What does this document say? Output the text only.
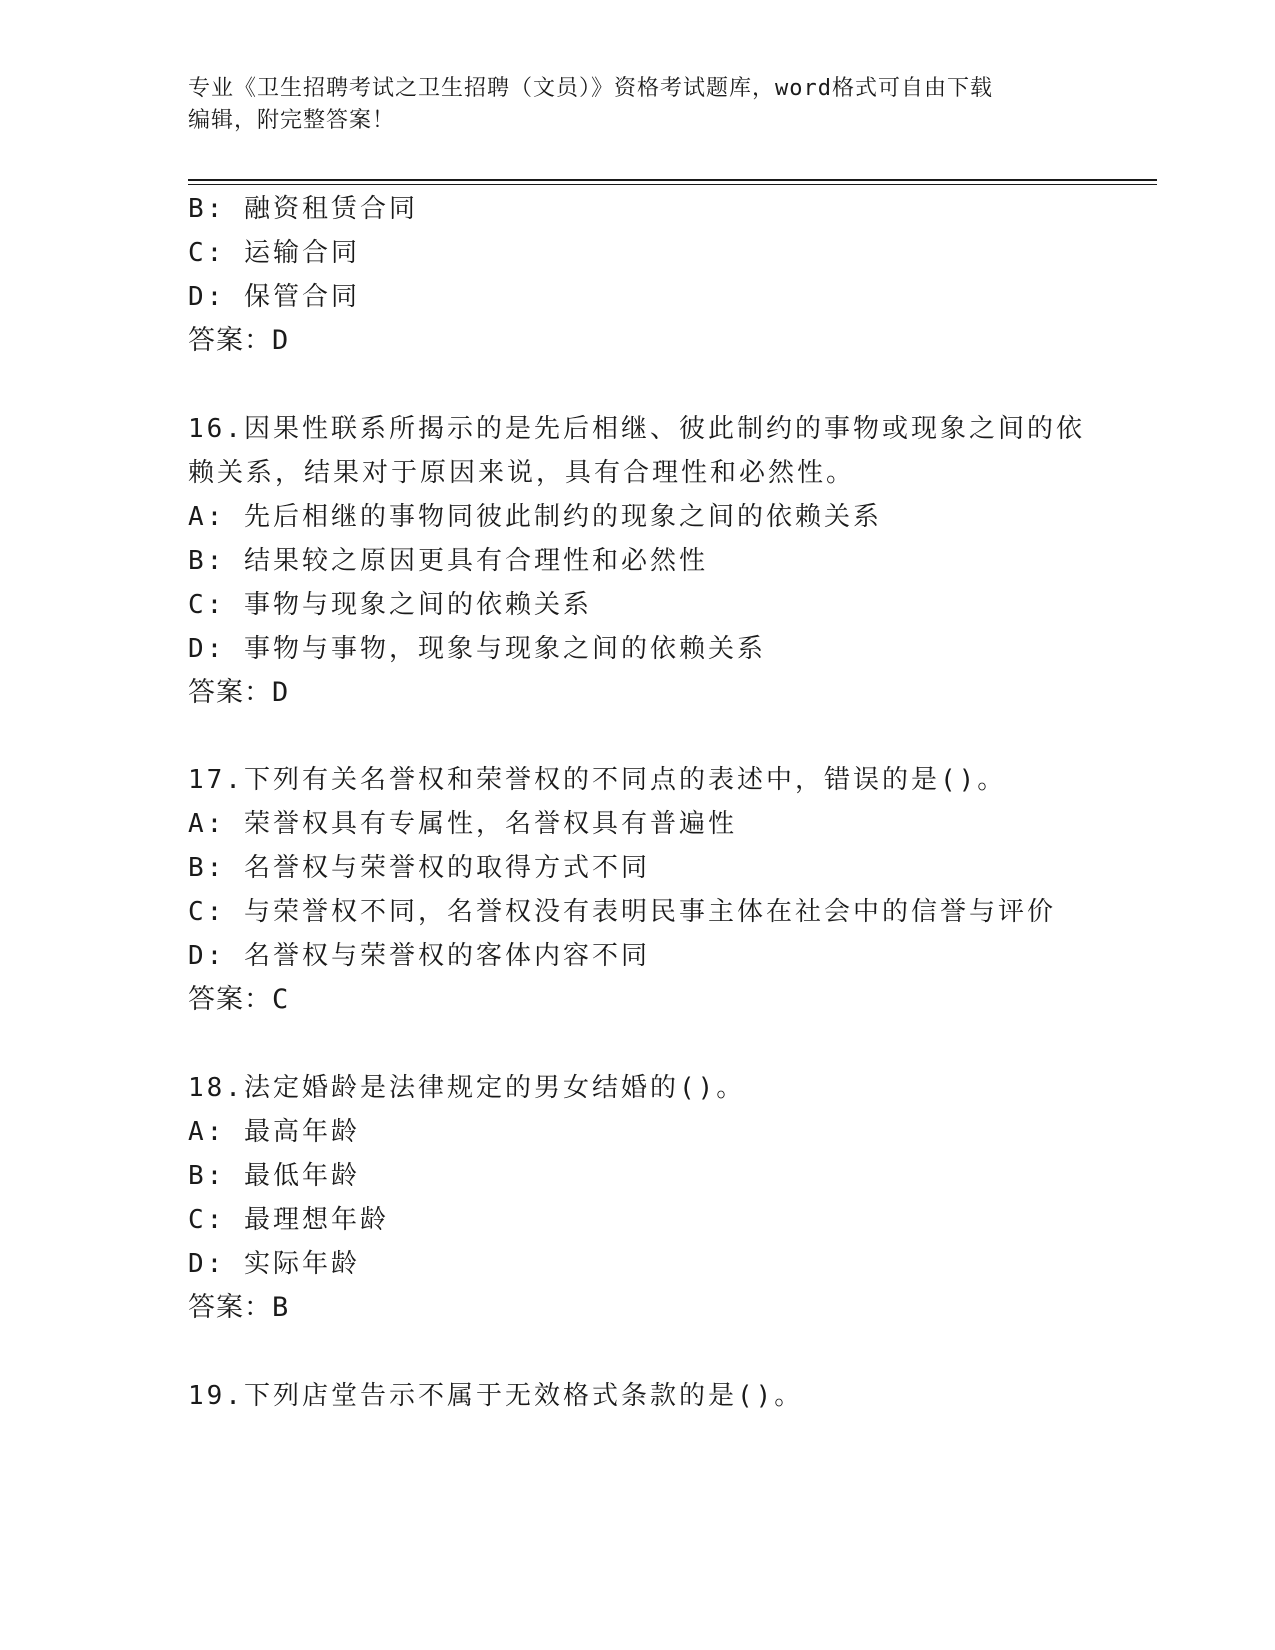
专业《卫生招聘考试之卫生招聘（文员）》资格考试题库，word格式可自由下载
编辑，附完整答案！
B: 融资租赁合同
C: 运输合同
D: 保管合同
答案：D
16.因果性联系所揭示的是先后相继、彼此制约的事物或现象之间的依
赖关系，结果对于原因来说，具有合理性和必然性。
A: 先后相继的事物同彼此制约的现象之间的依赖关系
B: 结果较之原因更具有合理性和必然性
C: 事物与现象之间的依赖关系
D: 事物与事物，现象与现象之间的依赖关系
答案：D
17.下列有关名誉权和荣誉权的不同点的表述中，错误的是()。
A: 荣誉权具有专属性，名誉权具有普遍性
B: 名誉权与荣誉权的取得方式不同
C: 与荣誉权不同，名誉权没有表明民事主体在社会中的信誉与评价
D: 名誉权与荣誉权的客体内容不同
答案：C
18.法定婚龄是法律规定的男女结婚的()。
A: 最高年龄
B: 最低年龄
C: 最理想年龄
D: 实际年龄
答案：B
19.下列店堂告示不属于无效格式条款的是()。
